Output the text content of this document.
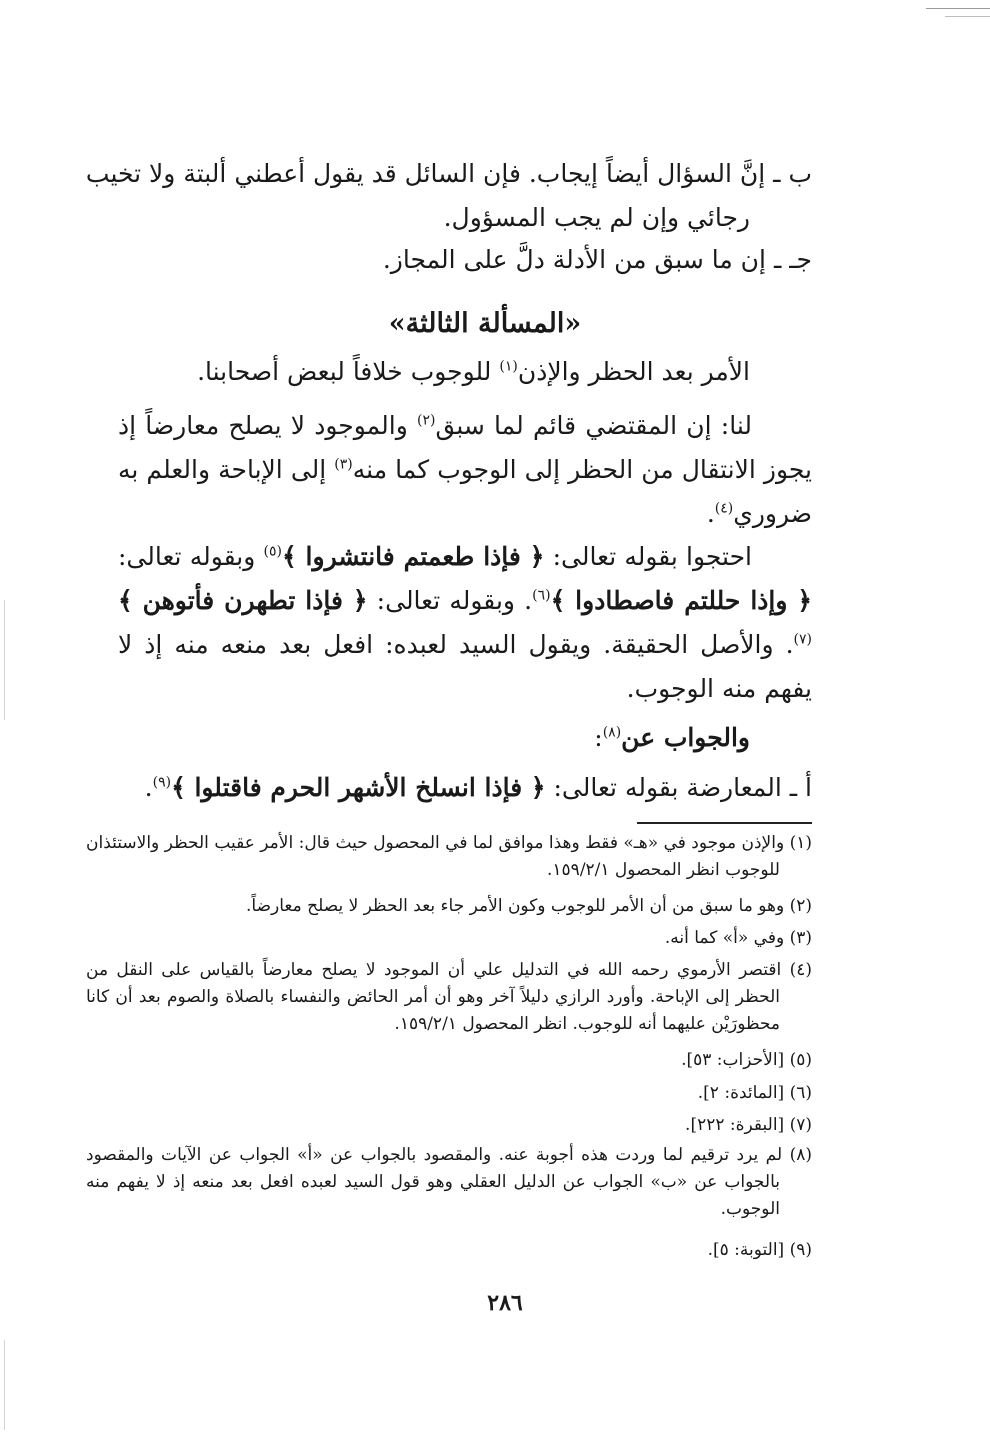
ب ـ إنَّ السؤال أيضاً إيجاب. فإن السائل قد يقول أعطني ألبتة ولا تخيب

رجائي وإن لم يجب المسؤول.

جـ ـ إن ما سبق من الأدلة دلَّ على المجاز.

«المسألة الثالثة»

الأمر بعد الحظر والإذن$^{(١)}$ للوجوب خلافاً لبعض أصحابنا.

لنا: إن المقتضي قائم لما سبق$^{(٢)}$ والموجود لا يصلح معارضاً إذ يجوز الانتقال من الحظر إلى الوجوب كما منه$^{(٣)}$ إلى الإباحة والعلم به ضروري$^{(٤)}$.

احتجوا بقوله تعالى: ﴿ فإذا طعمتم فانتشروا ﴾$^{(٥)}$ وبقوله تعالى: ﴿ وإذا حللتم فاصطادوا ﴾$^{(٦)}$. وبقوله تعالى: ﴿ فإذا تطهرن فأتوهن ﴾$^{(٧)}$. والأصل الحقيقة. ويقول السيد لعبده: افعل بعد منعه منه إذ لا يفهم منه الوجوب.

والجواب عن$^{(٨)}$:

أ ـ المعارضة بقوله تعالى: ﴿ فإذا انسلخ الأشهر الحرم فاقتلوا ﴾$^{(٩)}$.

(١) والإذن موجود في «هـ» فقط وهذا موافق لما في المحصول حيث قال: الأمر عقيب الحظر والاستئذان للوجوب انظر المحصول ١٥٩/٢/١.

(٢) وهو ما سبق من أن الأمر للوجوب وكون الأمر جاء بعد الحظر لا يصلح معارضاً.

(٣) وفي «أ» كما أنه.

(٤) اقتصر الأرموي رحمه الله في التدليل علي أن الموجود لا يصلح معارضاً بالقياس على النقل من الحظر إلى الإباحة. وأورد الرازي دليلاً آخر وهو أن أمر الحائض والنفساء بالصلاة والصوم بعد أن كانا محظورَيْن عليهما أنه للوجوب. انظر المحصول ١٥٩/٢/١.

(٥) [الأحزاب: ٥٣].

(٦) [المائدة: ٢].

(٧) [البقرة: ٢٢٢].

(٨) لم يرد ترقيم لما وردت هذه أجوبة عنه. والمقصود بالجواب عن «أ» الجواب عن الآيات والمقصود بالجواب عن «ب» الجواب عن الدليل العقلي وهو قول السيد لعبده افعل بعد منعه إذ لا يفهم منه الوجوب.

(٩) [التوبة: ٥].

٢٨٦
